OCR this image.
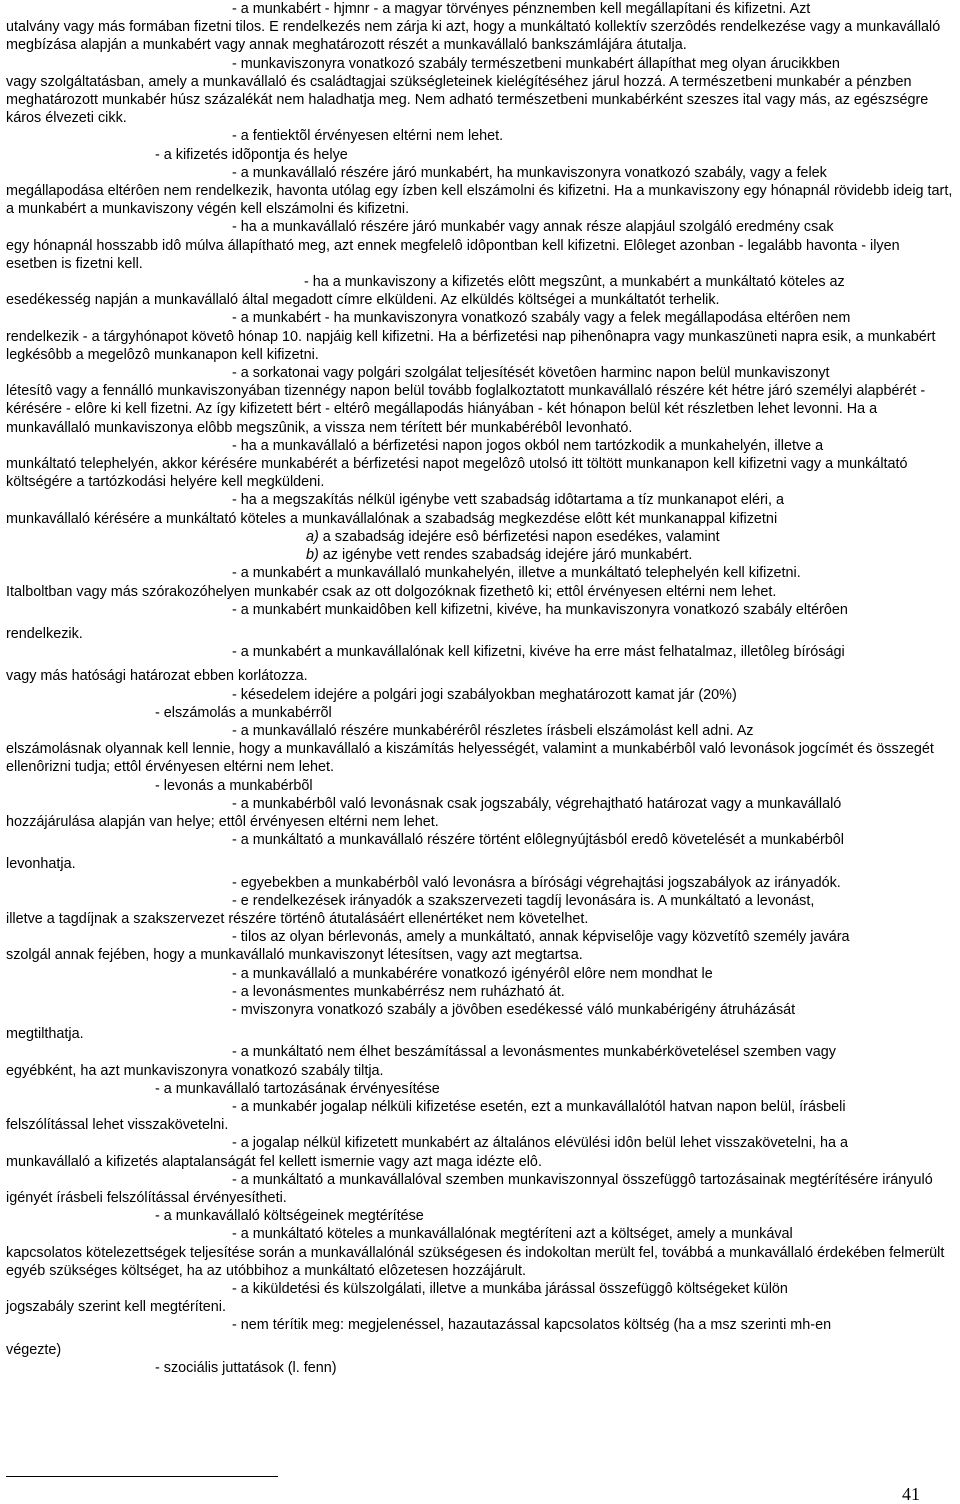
- a munkabért - hjmnr - a magyar törvényes pénznemben kell megállapítani és kifizetni. Azt

utalvány vagy más formában fizetni tilos. E rendelkezés nem zárja ki azt, hogy a munkáltató kollektív szerzôdés rendelkezése vagy a munkavállaló megbízása alapján a munkabért vagy annak meghatározott részét a munkavállaló bankszámlájára átutalja.

- munkaviszonyra vonatkozó szabály természetbeni munkabért állapíthat meg olyan árucikkben

vagy szolgáltatásban, amely a munkavállaló és családtagjai szükségleteinek kielégítéséhez járul hozzá. A természetbeni munkabér a pénzben meghatározott munkabér húsz százalékát nem haladhatja meg. Nem adható természetbeni munkabérként szeszes ital vagy más, az egészségre káros élvezeti cikk.

- a fentiektõl érvényesen eltérni nem lehet.

- a kifizetés idõpontja és helye

- a munkavállaló részére járó munkabért, ha munkaviszonyra vonatkozó szabály, vagy a felek

megállapodása eltérôen nem rendelkezik, havonta utólag egy ízben kell elszámolni és kifizetni. Ha a munkaviszony egy hónapnál rövidebb ideig tart, a munkabért a munkaviszony végén kell elszámolni és kifizetni.

- ha a munkavállaló részére járó munkabér vagy annak része alapjául szolgáló eredmény csak

egy hónapnál hosszabb idô múlva állapítható meg, azt ennek megfelelô idôpontban kell kifizetni. Elôleget azonban - legalább havonta - ilyen esetben is fizetni kell.

- ha a munkaviszony a kifizetés elôtt megszûnt, a munkabért a munkáltató köteles az

esedékesség napján a munkavállaló által megadott címre elküldeni. Az elküldés költségei a munkáltatót terhelik.

- a munkabért - ha munkaviszonyra vonatkozó szabály vagy a felek megállapodása eltérôen nem

rendelkezik - a tárgyhónapot követô hónap 10. napjáig kell kifizetni. Ha a bérfizetési nap pihenônapra vagy munkaszüneti napra esik, a munkabért legkésôbb a megelôzô munkanapon kell kifizetni.

- a sorkatonai vagy polgári szolgálat teljesítését követôen harminc napon belül munkaviszonyt

létesítô vagy a fennálló munkaviszonyában tizennégy napon belül tovább foglalkoztatott munkavállaló részére két hétre járó személyi alapbérét - kérésére - elôre ki kell fizetni. Az így kifizetett bért - eltérô megállapodás hiányában - két hónapon belül két részletben lehet levonni. Ha a munkavállaló munkaviszonya elôbb megszûnik, a vissza nem térített bér munkabérébôl levonható.

- ha a munkavállaló a bérfizetési napon jogos okból nem tartózkodik a munkahelyén, illetve a

munkáltató telephelyén, akkor kérésére munkabérét a bérfizetési napot megelôzô utolsó itt töltött munkanapon kell kifizetni vagy a munkáltató költségére a tartózkodási helyére kell megküldeni.

- ha a megszakítás nélkül igénybe vett szabadság idôtartama a tíz munkanapot eléri, a

munkavállaló kérésére a munkáltató köteles a munkavállalónak a szabadság megkezdése elôtt két munkanappal kifizetni

a) a szabadság idejére esô bérfizetési napon esedékes, valamint

b) az igénybe vett rendes szabadság idejére járó munkabért.

- a munkabért a munkavállaló munkahelyén, illetve a munkáltató telephelyén kell kifizetni.

Italboltban vagy más szórakozóhelyen munkabér csak az ott dolgozóknak fizethetô ki; ettôl érvényesen eltérni nem lehet.

- a munkabért munkaidôben kell kifizetni, kivéve, ha munkaviszonyra vonatkozó szabály eltérôen

rendelkezik.

- a munkabért a munkavállalónak kell kifizetni, kivéve ha erre mást felhatalmaz, illetôleg bírósági

vagy más hatósági határozat ebben korlátozza.

- késedelem idejére a polgári jogi szabályokban meghatározott kamat jár (20%)

- elszámolás a munkabérrõl

- a munkavállaló részére munkabérérôl részletes írásbeli elszámolást kell adni. Az

elszámolásnak olyannak kell lennie, hogy a munkavállaló a kiszámítás helyességét, valamint a munkabérbôl való levonások jogcímét és összegét ellenôrizni tudja; ettôl érvényesen eltérni nem lehet.

- levonás a munkabérbõl

- a munkabérbôl való levonásnak csak jogszabály, végrehajtható határozat vagy a munkavállaló

hozzájárulása alapján van helye; ettôl érvényesen eltérni nem lehet.

- a munkáltató a munkavállaló részére történt elôlegnyújtásból eredô követelését a munkabérbôl

levonhatja.

- egyebekben a munkabérbôl való levonásra a bírósági végrehajtási jogszabályok az irányadók.

- e rendelkezések irányadók a szakszervezeti tagdíj levonására is. A munkáltató a levonást,

illetve a tagdíjnak a szakszervezet részére történô átutalásáért ellenértéket nem követelhet.

- tilos az olyan bérlevonás, amely a munkáltató, annak képviselôje vagy közvetítô személy javára

szolgál annak fejében, hogy a munkavállaló munkaviszonyt létesítsen, vagy azt megtartsa.

- a munkavállaló a munkabérére vonatkozó igényérôl elôre nem mondhat le

- a levonásmentes munkabérrész nem ruházható át.

- mviszonyra vonatkozó szabály a jövôben esedékessé váló munkabérigény átruházását

megtilthatja.

- a munkáltató nem élhet beszámítással a levonásmentes munkabérkövetelésel szemben vagy

egyébként, ha azt munkaviszonyra vonatkozó szabály tiltja.

- a munkavállaló tartozásának érvényesítése

- a munkabér jogalap nélküli kifizetése esetén, ezt a munkavállalótól hatvan napon belül, írásbeli

felszólítással lehet visszakövetelni.

- a jogalap nélkül kifizetett munkabért az általános elévülési idôn belül lehet visszakövetelni, ha a

munkavállaló a kifizetés alaptalanságát fel kellett ismernie vagy azt maga idézte elô.

- a munkáltató a munkavállalóval szemben munkaviszonnyal összefüggô tartozásainak megtérítésére irányuló

igényét írásbeli felszólítással érvényesítheti.

- a munkavállaló költségeinek megtérítése

- a munkáltató köteles a munkavállalónak megtéríteni azt a költséget, amely a munkával

kapcsolatos kötelezettségek teljesítése során a munkavállalónál szükségesen és indokoltan merült fel, továbbá a munkavállaló érdekében felmerült egyéb szükséges költséget, ha az utóbbihoz a munkáltató elôzetesen hozzájárult.

- a kiküldetési és külszolgálati, illetve a munkába járással összefüggô költségeket külön

jogszabály szerint kell megtéríteni.

- nem térítik meg: megjelenéssel, hazautazással kapcsolatos költség (ha a msz szerinti mh-en

végezte)

- szociális juttatások (l. fenn)

41
